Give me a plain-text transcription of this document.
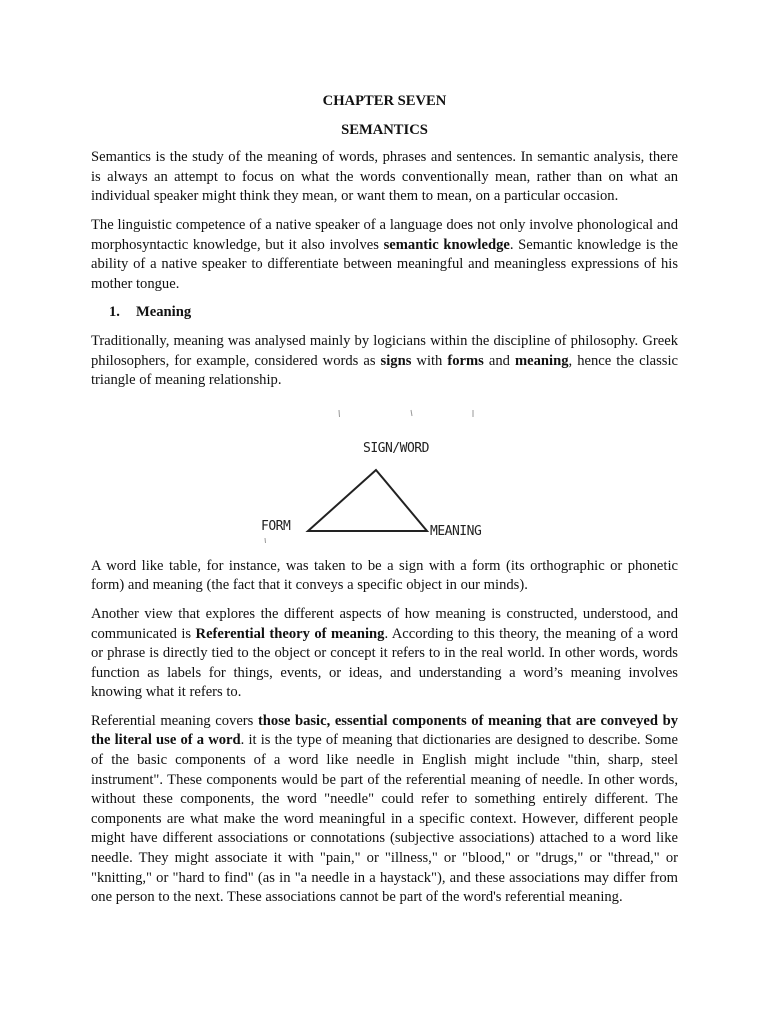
CHAPTER SEVEN

SEMANTICS

Semantics is the study of the meaning of words, phrases and sentences. In semantic analysis, there is always an attempt to focus on what the words conventionally mean, rather than on what an individual speaker might think they mean, or want them to mean, on a particular occasion.

The linguistic competence of a native speaker of a language does not only involve phonological and morphosyntactic knowledge, but it also involves semantic knowledge. Semantic knowledge is the ability of a native speaker to differentiate between meaningful and meaningless expressions of his mother tongue.

1. Meaning

Traditionally, meaning was analysed mainly by logicians within the discipline of philosophy. Greek philosophers, for example, considered words as signs with forms and meaning, hence the classic triangle of meaning relationship.

SIGN/WORD
FORM	MEANING

A word like table, for instance, was taken to be a sign with a form (its orthographic or phonetic form) and meaning (the fact that it conveys a specific object in our minds).

Another view that explores the different aspects of how meaning is constructed, understood, and communicated is Referential theory of meaning. According to this theory, the meaning of a word or phrase is directly tied to the object or concept it refers to in the real world. In other words, words function as labels for things, events, or ideas, and understanding a word’s meaning involves knowing what it refers to.

Referential meaning covers those basic, essential components of meaning that are conveyed by the literal use of a word. it is the type of meaning that dictionaries are designed to describe. Some of the basic components of a word like needle in English might include "thin, sharp, steel instrument". These components would be part of the referential meaning of needle. In other words, without these components, the word "needle" could refer to something entirely different. The components are what make the word meaningful in a specific context. However, different people might have different associations or connotations (subjective associations) attached to a word like needle. They might associate it with "pain," or "illness," or "blood," or "drugs," or "thread," or "knitting," or "hard to find" (as in "a needle in a haystack"), and these associations may differ from one person to the next. These associations cannot be part of the word's referential meaning.
